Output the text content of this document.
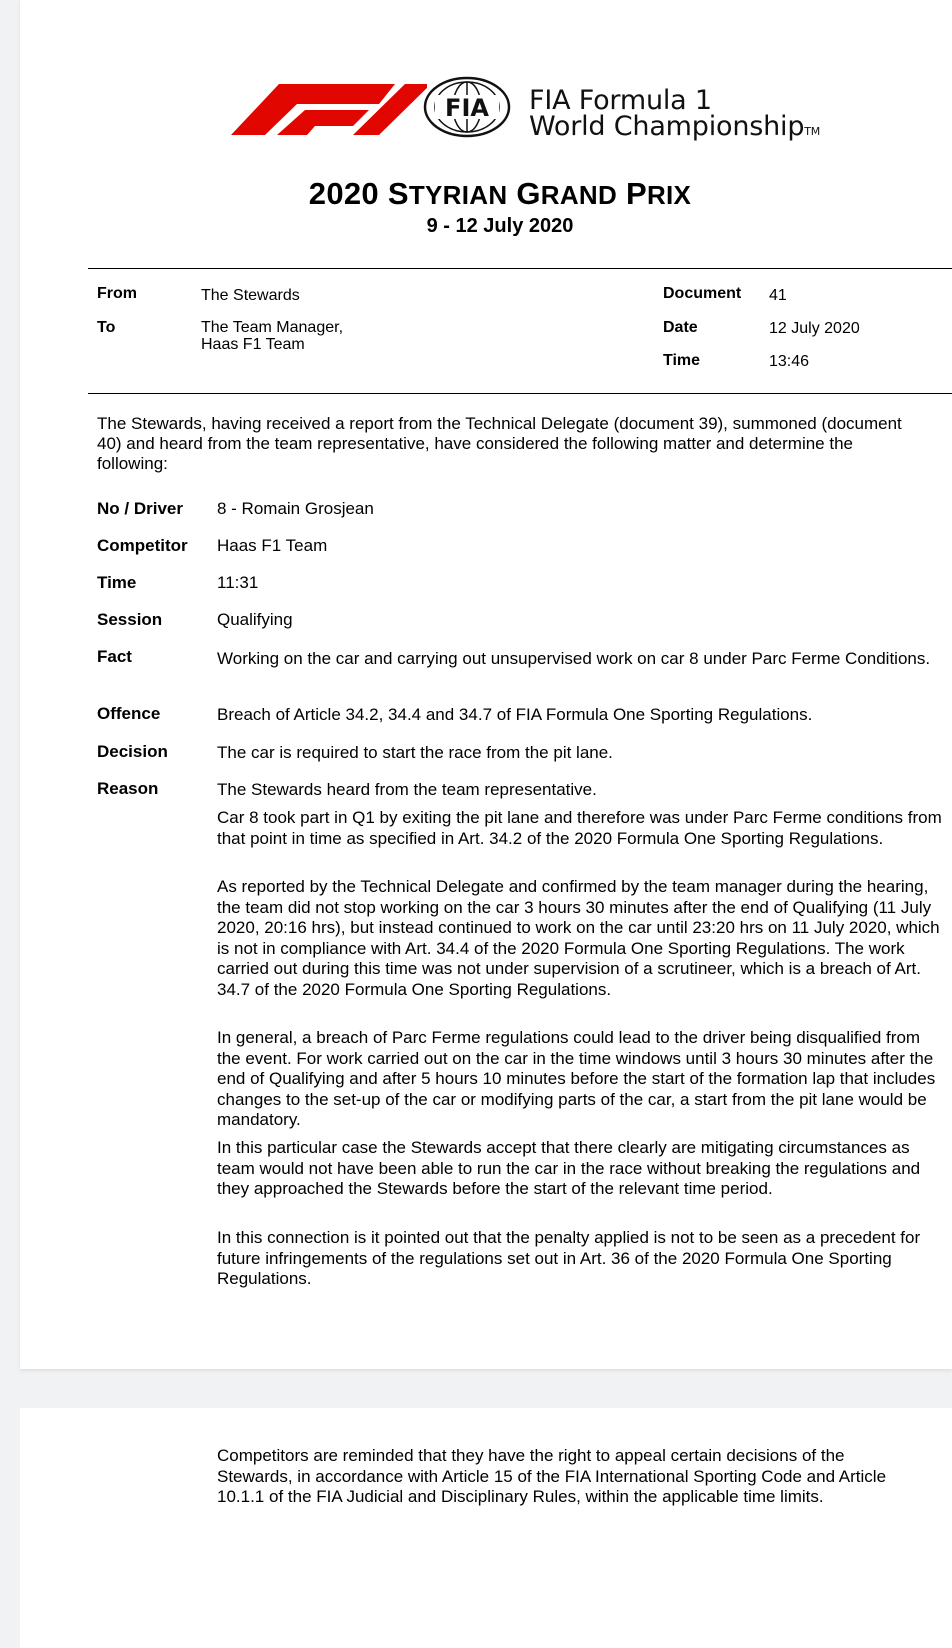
FIA FIA Formula 1
World ChampionshipTM
2020 STYRIAN GRAND PRIX
9 - 12 July 2020
From	The Stewards
To	The Team Manager,
Haas F1 Team
Document 41
Date	12 July 2020
Time	13:46
The Stewards, having received a report from the Technical Delegate (document 39), summoned (document 40) and heard from the team representative, have considered the following matter and determine the following:
No / Driver 8 - Romain Grosjean
Competitor Haas F1 Team
Time	11:31
Session	Qualifying
Fact	Working on the car and carrying out unsupervised work on car 8 under Parc Ferme Conditions.
Offence	Breach of Article 34.2, 34.4 and 34.7 of FIA Formula One Sporting Regulations.
Decision	The car is required to start the race from the pit lane.
Reason	The Stewards heard from the team representative.
Car 8 took part in Q1 by exiting the pit lane and therefore was under Parc Ferme conditions from that point in time as specified in Art. 34.2 of the 2020 Formula One Sporting Regulations.
As reported by the Technical Delegate and confirmed by the team manager during the hearing, the team did not stop working on the car 3 hours 30 minutes after the end of Qualifying (11 July 2020, 20:16 hrs), but instead continued to work on the car until 23:20 hrs on 11 July 2020, which is not in compliance with Art. 34.4 of the 2020 Formula One Sporting Regulations. The work carried out during this time was not under supervision of a scrutineer, which is a breach of Art. 34.7 of the 2020 Formula One Sporting Regulations.
In general, a breach of Parc Ferme regulations could lead to the driver being disqualified from the event. For work carried out on the car in the time windows until 3 hours 30 minutes after the end of Qualifying and after 5 hours 10 minutes before the start of the formation lap that includes changes to the set-up of the car or modifying parts of the car, a start from the pit lane would be mandatory.
In this particular case the Stewards accept that there clearly are mitigating circumstances as team would not have been able to run the car in the race without breaking the regulations and they approached the Stewards before the start of the relevant time period.
In this connection is it pointed out that the penalty applied is not to be seen as a precedent for future infringements of the regulations set out in Art. 36 of the 2020 Formula One Sporting Regulations.
Competitors are reminded that they have the right to appeal certain decisions of the Stewards, in accordance with Article 15 of the FIA International Sporting Code and Article 10.1.1 of the FIA Judicial and Disciplinary Rules, within the applicable time limits.
